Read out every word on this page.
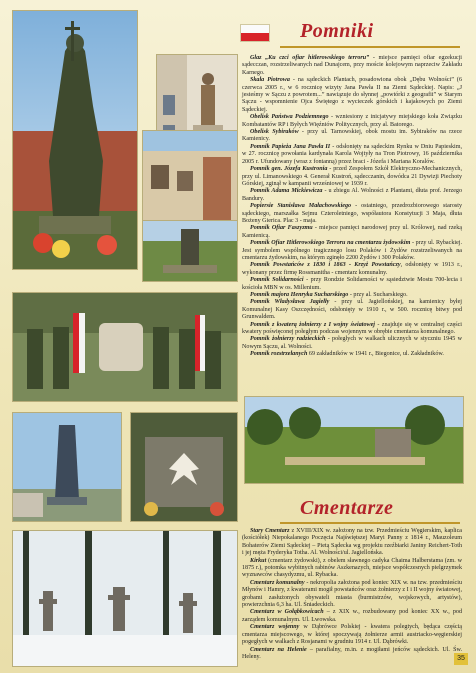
Pomniki

Glaz „Ku czci ofiar hitlerowskiego terroru” - miejsce pamięci ofiar egzekucji sądecczan, rozstrzeliwanych nad Dunajcem, przy moście kolejowym naprzeciw Zakładu Karnego.

Skala Piotrowa - na sądeckich Plantach, posadowiona obok „Dębu Wolności” (6 czerwca 2005 r., w 6 rocznicę wizyty Jana Pawła II na Ziemi Sądeckiej. Napis: „J jesteśmy w Sączu z powrotem...” nawiązuje do słynnej „powtórki z geografii” w Starym Sączu - wspomnienie Ojca Świętego z wycieczek górskich i kajakowych po Ziemi Sądeckiej.

Obelisk Państwa Podziemnego - wzniesiony z inicjatywy miejskiego koła Związku Kombatantów RP i Byłych Więźniów Politycznych, przy al. Batorego.

Obelisk Sybiraków - przy ul. Tarnowskiej, obok mostu im. Sybiraków na rzece Kamienicy.

Pomnik Papieża Jana Pawła II - odsłonięty na sądeckim Rynku w Dniu Papieskim, w 27. rocznicę powołania kardynała Karola Wojtyły na Tron Piotrowy, 16 października 2005 r. Ufundowany (wraz z fontanną) przez braci - Józefa i Mariana Koralów.

Pomnik gen. Józefa Kustronia - przed Zespołem Szkół Elektryczno-Mechanicznych, przy ul. Limanowskiego 4. Generał Kustroń, sądecczanin, dowódca 21 Dywizji Piechoty Górskiej, zginął w kampanii wrześniowej w 1939 r.

Pomnik Adama Mickiewicza - u zbiegu Al. Wolności z Plantami, dłuta prof. Jerzego Bandury.

Popiersie Stanisława Małachowskiego - ostatniego, przedrozbiorowego starosty sądeckiego, marszałka Sejmu Czteroletniego, współautora Konstytucji 3 Maja, dłuta Bożeny Gierica. Plac 3 - maja.

Pomnik Ofiar Faszyzmu - miejsce pamięci narodowej przy ul. Królowej, nad rzeką Kamienicą.

Pomnik Ofiar Hitlerowskiego Terroru na cmentarzu żydowskim - przy ul. Rybackiej. Jest symbolem wspólnego tragicznego losu Polaków i Żydów rozstrzeliwanych na cmentarzu żydowskim, na którym zginęło 2200 Żydów i 300 Polaków.

Pomnik Powstańców z 1830 i 1863 - Krzyż Powstańczy, odsłonięty w 1913 r., wykonany przez firmę Rossmanitha - cmentarz komunalny.

Pomnik Solidarności - przy Rondzie Solidarności w sąsiedztwie Mostu 700-lecia i kościoła MBN w os. Millenium.

Pomnik majora Henryka Sucharskiego - przy al. Sucharskiego.

Pomnik Władysława Jagiełły - przy ul. Jagiellońskiej, na kamienicy byłej Komunalnej Kasy Oszczędności, odsłonięty w 1910 r., w 500. rocznicę bitwy pod Grunwaldem.

Pomnik z kwaterą żołnierzy z I wojny światowej - znajduje się w centralnej części kwatery poświęconej połegłym podczas wojennym w obrębie cmentarza komunalnego.

Pomnik żołnierzy radzieckich - połegłych w walkach ulicznych w styczniu 1945 w Nowym Sączu, al. Wolności.

Pomnik rozstrzelanych 69 zakładników w 1941 r., Biegonice, ul. Zakładników.

Cmentarze

Stary Cmentarz z XVIII/XIX w. założony na tzw. Przedmieściu Węgierskim, kaplica (kościółek) Niepokalanego Poczęcia Najświętszej Maryi Panny z 1814 r., Mauzoleum Bohaterów Ziemi Sądeckiej – Pietą Sądecka wg projektu rzeźbiarki Janiny Reichert-Toth i jej męża Fryderyka Totha. Al. Wolności/ul. Jagiellońska.

Kirkut (cmentarz żydowski), z obelem sławnego cadyka Chaima Halberstama (zm. w 1875 r.), potomka wybitnych rabinów Aszkenazych, miejsce współczesnych pielgrzymek wyznawców chasydyzmu, ul. Rybacka.

Cmentarz komunalny - nekropolia założona pod koniec XIX w. na tzw. przedmieściu Młynów i Hamry, z kwaterami mogił powstańców oraz żołnierzy z I i II wojny światowej, grobami zasłużonych obywateli miasta (burmistrzów, wojskowych, artystów), powierzchnia 6,3 ha. Ul. Śniadeckich.

Cmentarz w Gołąbkowicach – z XIX w., rozbudowany pod koniec XX w., pod zarządem komunalnym. Ul. Lwowska.

Cmentarz wojenny w Dąbrówce Polskiej - kwatera polegtych, będąca częścią cmentarza miejscowego, w której spoczywają żołnierze armii austriacko-węgierskiej pogegłych w walkach z Rosjanami w grudniu 1914 r. Ul. Dąbrówki.

Cmentarz na Helenie – parafialny, m.in. z mogiłami jeńców sądeckich. Ul. Św. Heleny.	35
